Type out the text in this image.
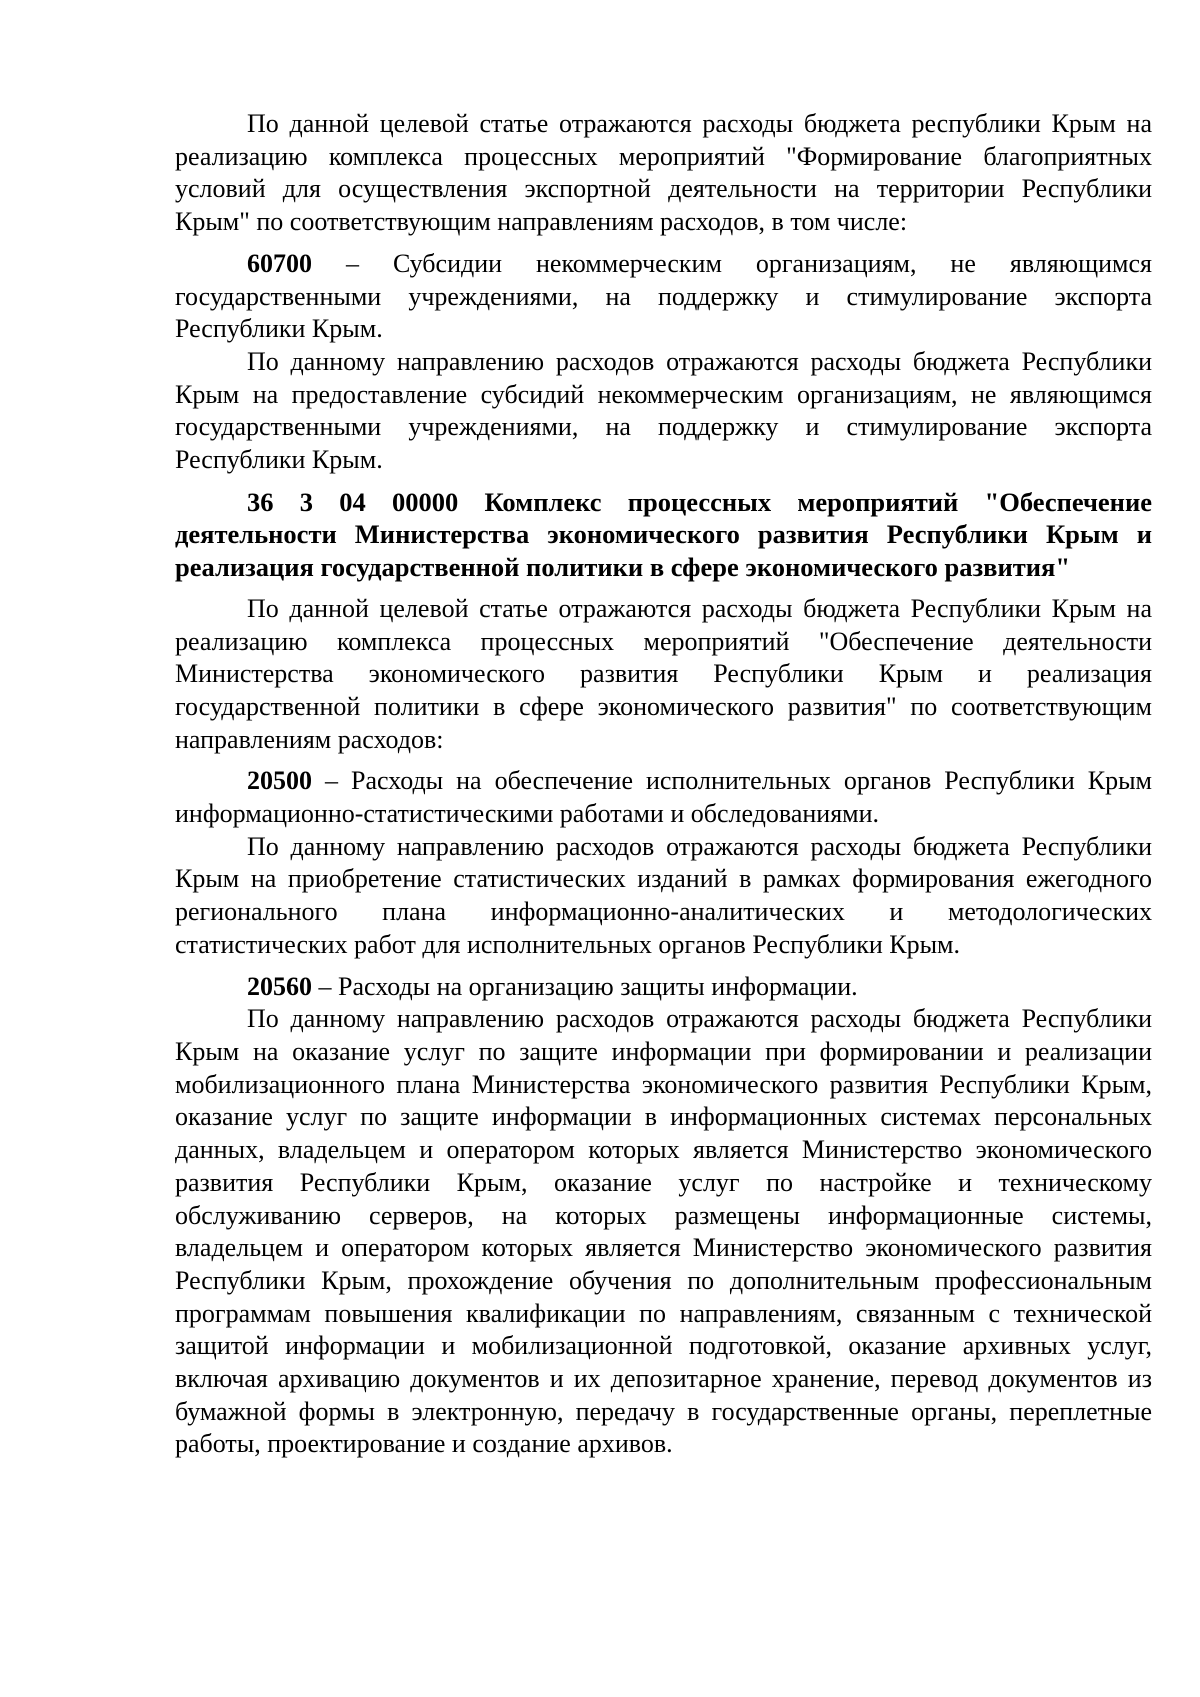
По данной целевой статье отражаются расходы бюджета республики Крым на реализацию комплекса процессных мероприятий "Формирование благоприятных условий для осуществления экспортной деятельности на территории Республики Крым" по соответствующим направлениям расходов, в том числе:

60700 – Субсидии некоммерческим организациям, не являющимся государственными учреждениями, на поддержку и стимулирование экспорта Республики Крым.

По данному направлению расходов отражаются расходы бюджета Республики Крым на предоставление субсидий некоммерческим организациям, не являющимся государственными учреждениями, на поддержку и стимулирование экспорта Республики Крым.

36 3 04 00000 Комплекс процессных мероприятий "Обеспечение деятельности Министерства экономического развития Республики Крым и реализация государственной политики в сфере экономического развития"

По данной целевой статье отражаются расходы бюджета Республики Крым на реализацию комплекса процессных мероприятий "Обеспечение деятельности Министерства экономического развития Республики Крым и реализация государственной политики в сфере экономического развития" по соответствующим направлениям расходов:

20500 – Расходы на обеспечение исполнительных органов Республики Крым информационно-статистическими работами и обследованиями.

По данному направлению расходов отражаются расходы бюджета Республики Крым на приобретение статистических изданий в рамках формирования ежегодного регионального плана информационно-аналитических и методологических статистических работ для исполнительных органов Республики Крым.

20560 – Расходы на организацию защиты информации.

По данному направлению расходов отражаются расходы бюджета Республики Крым на оказание услуг по защите информации при формировании и реализации мобилизационного плана Министерства экономического развития Республики Крым, оказание услуг по защите информации в информационных системах персональных данных, владельцем и оператором которых является Министерство экономического развития Республики Крым, оказание услуг по настройке и техническому обслуживанию серверов, на которых размещены информационные системы, владельцем и оператором которых является Министерство экономического развития Республики Крым, прохождение обучения по дополнительным профессиональным программам повышения квалификации по направлениям, связанным с технической защитой информации и мобилизационной подготовкой, оказание архивных услуг, включая архивацию документов и их депозитарное хранение, перевод документов из бумажной формы в электронную, передачу в государственные органы, переплетные работы, проектирование и создание архивов.
